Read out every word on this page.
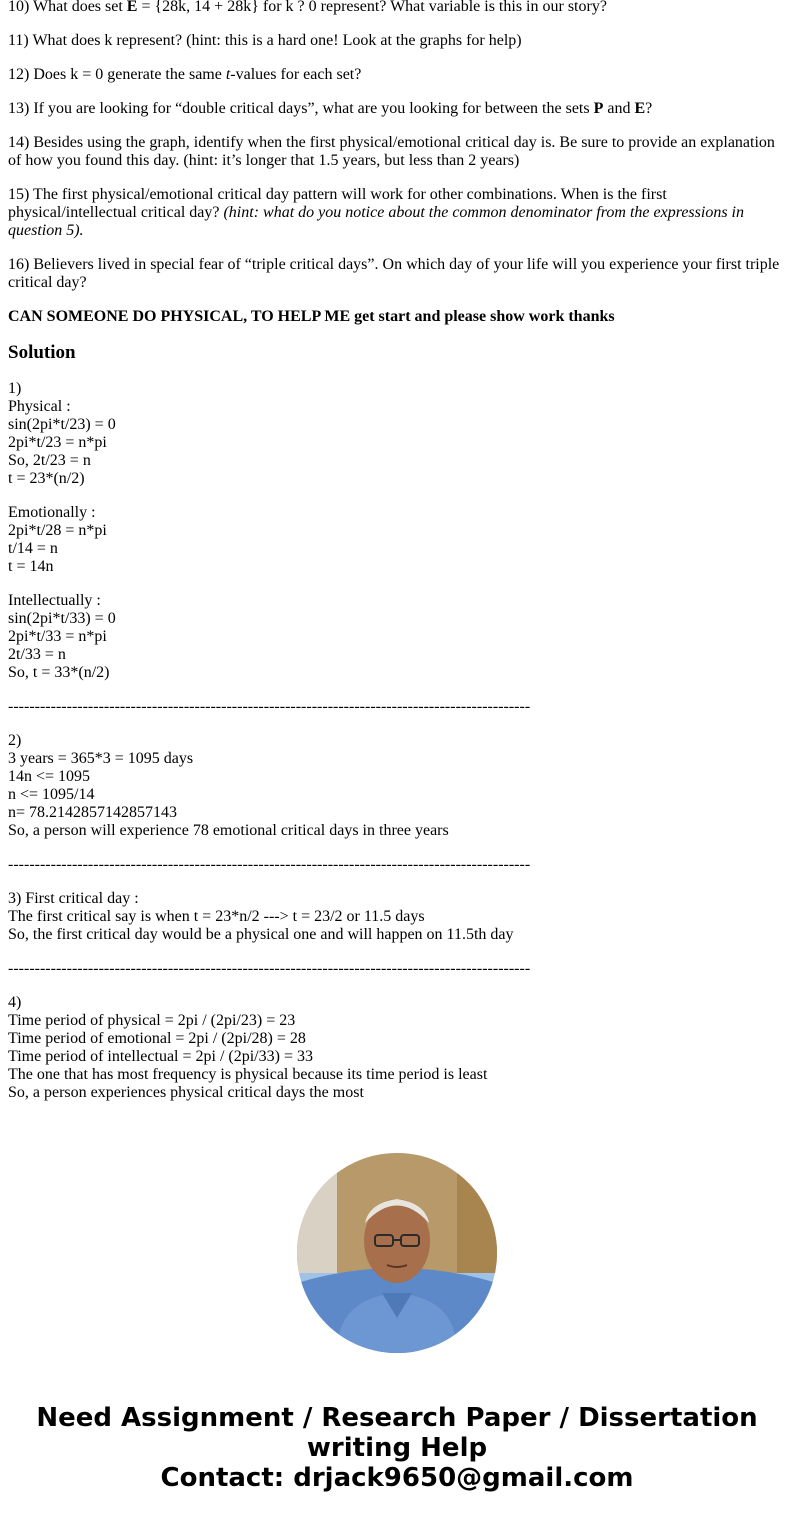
10) What does set E = {28k, 14 + 28k} for k ? 0 represent? What variable is this in our story?

11) What does k represent? (hint: this is a hard one! Look at the graphs for help)

12) Does k = 0 generate the same t-values for each set?

13) If you are looking for “double critical days”, what are you looking for between the sets P and E?

14) Besides using the graph, identify when the first physical/emotional critical day is. Be sure to provide an explanation of how you found this day. (hint: it’s longer that 1.5 years, but less than 2 years)

15) The first physical/emotional critical day pattern will work for other combinations. When is the first physical/intellectual critical day? (hint: what do you notice about the common denominator from the expressions in question 5).

16) Believers lived in special fear of “triple critical days”. On which day of your life will you experience your first triple critical day?

CAN SOMEONE DO PHYSICAL, TO HELP ME get start and please show work thanks

Solution
1)
Physical :
sin(2pi*t/23) = 0
2pi*t/23 = n*pi
So, 2t/23 = n
t = 23*(n/2)
Emotionally :
2pi*t/28 = n*pi
t/14 = n
t = 14n
Intellectually :
sin(2pi*t/33) = 0
2pi*t/33 = n*pi
2t/33 = n
So, t = 33*(n/2)
--------------------------------------------------------------------------------------------------
2)
3 years = 365*3 = 1095 days
14n <= 1095
n <= 1095/14
n= 78.2142857142857143
So, a person will experience 78 emotional critical days in three years
--------------------------------------------------------------------------------------------------
3) First critical day :
The first critical say is when t = 23*n/2 ---> t = 23/2 or 11.5 days
So, the first critical day would be a physical one and will happen on 11.5th day
--------------------------------------------------------------------------------------------------
4)
Time period of physical = 2pi / (2pi/23) = 23
Time period of emotional = 2pi / (2pi/28) = 28
Time period of intellectual = 2pi / (2pi/33) = 33
The one that has most frequency is physical because its time period is least
So, a person experiences physical critical days the most
Need Assignment / Research Paper / Dissertation
writing Help
Contact: drjack9650@gmail.com
